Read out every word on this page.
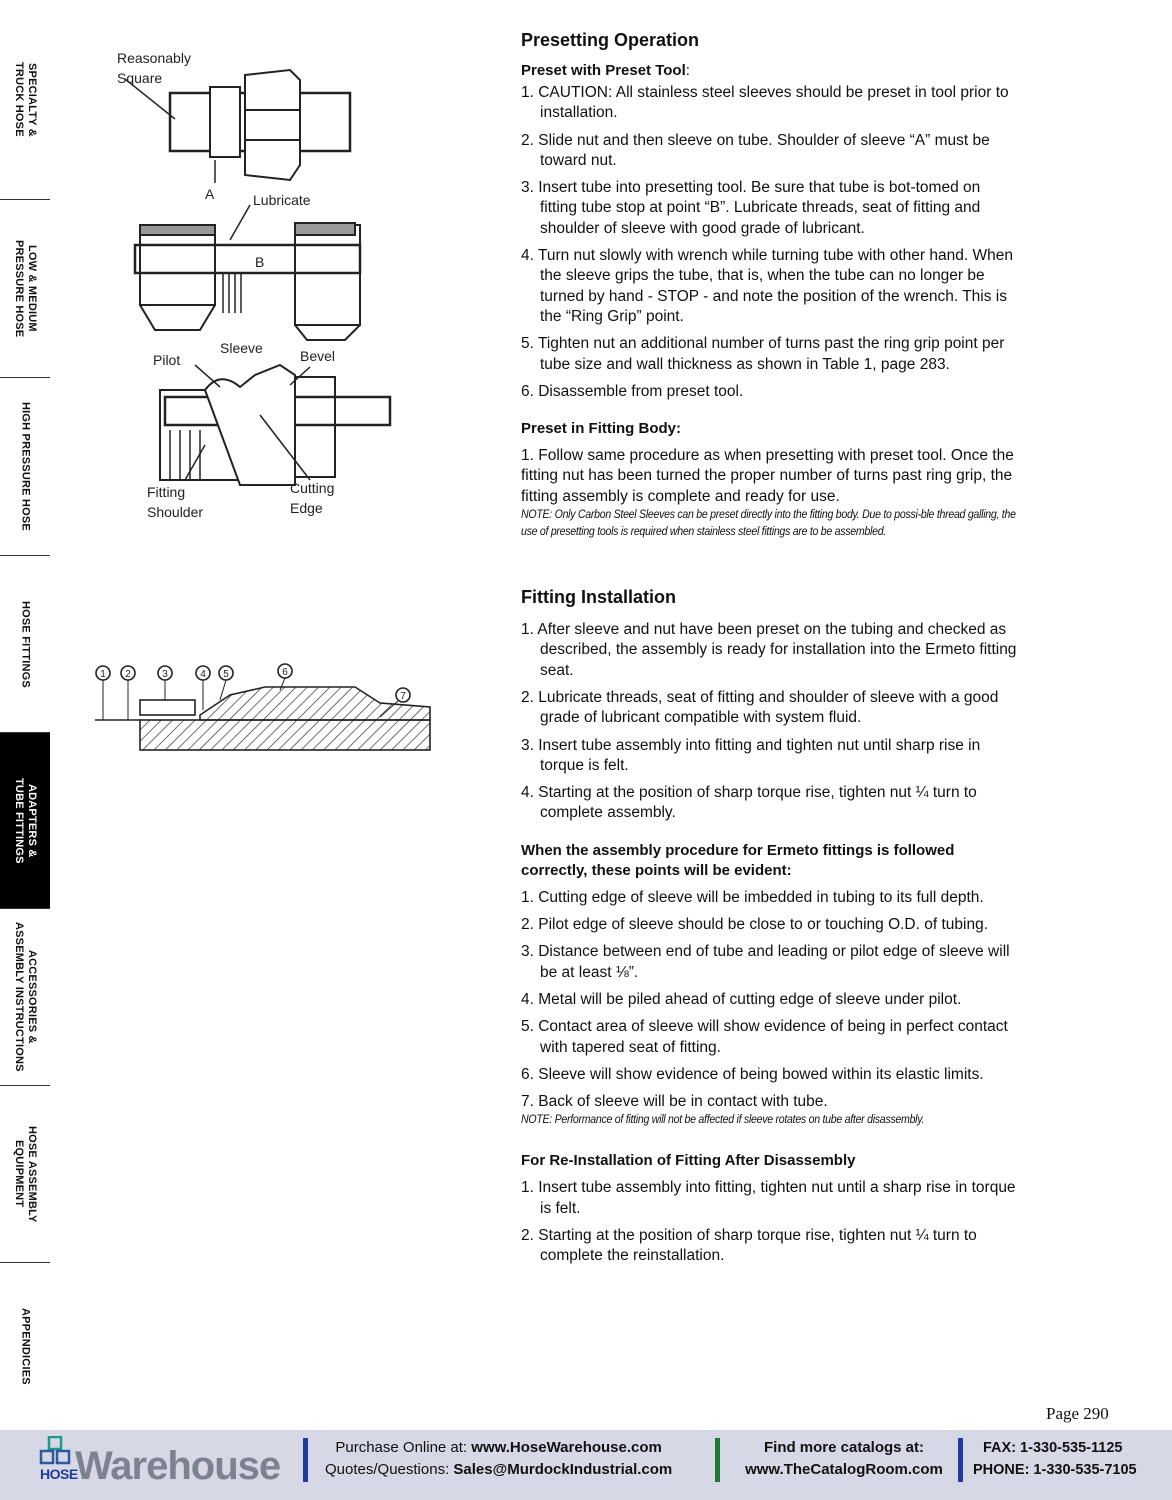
SPECIALTY &
TRUCK HOSE
LOW & MEDIUM
PRESSURE HOSE
HIGH PRESSURE HOSE
HOSE FITTINGS
ADAPTERS &
TUBE FITTINGS
ACCESSORIES &
ASSEMBLY INSTRUCTIONS
HOSE ASSEMBLY
EQUIPMENT
APPENDICIES
Reasonably Square
A	Lubricate
B
Pilot
Sleeve	Bevel
Fitting Shoulder
Cutting Edge
1 2	3	4 5	6
7
Presetting Operation
Preset with Preset Tool:
1. CAUTION: All stainless steel sleeves should be preset in tool prior to installation.
2. Slide nut and then sleeve on tube. Shoulder of sleeve “A” must be toward nut.
3. Insert tube into presetting tool. Be sure that tube is bot-tomed on fitting tube stop at point “B”. Lubricate threads, seat of fitting and shoulder of sleeve with good grade of lubricant.
4. Turn nut slowly with wrench while turning tube with other hand. When the sleeve grips the tube, that is, when the tube can no longer be turned by hand - STOP - and note the position of the wrench. This is the “Ring Grip” point.
5. Tighten nut an additional number of turns past the ring grip point per tube size and wall thickness as shown in Table 1, page 283.
6. Disassemble from preset tool.
Preset in Fitting Body:

1. Follow same procedure as when presetting with preset tool. Once the fitting nut has been turned the proper number of turns past ring grip, the fitting assembly is complete and ready for use.

NOTE: Only Carbon Steel Sleeves can be preset directly into the fitting body. Due to possi-ble thread galling, the use of presetting tools is required when stainless steel fittings are to be assembled.

Fitting Installation
1. After sleeve and nut have been preset on the tubing and checked as described, the assembly is ready for installation into the Ermeto fitting seat.
2. Lubricate threads, seat of fitting and shoulder of sleeve with a good grade of lubricant compatible with system fluid.
3. Insert tube assembly into fitting and tighten nut until sharp rise in torque is felt.
4. Starting at the position of sharp torque rise, tighten nut ¼ turn to complete assembly.
When the assembly procedure for Ermeto fittings is followed correctly, these points will be evident:
1. Cutting edge of sleeve will be imbedded in tubing to its full depth.
2. Pilot edge of sleeve should be close to or touching O.D. of tubing.
3. Distance between end of tube and leading or pilot edge of sleeve will be at least ⅛”.
4. Metal will be piled ahead of cutting edge of sleeve under pilot.
5. Contact area of sleeve will show evidence of being in perfect contact with tapered seat of fitting.
6. Sleeve will show evidence of being bowed within its elastic limits.
7. Back of sleeve will be in contact with tube.

NOTE: Performance of fitting will not be affected if sleeve rotates on tube after disassembly.

For Re-Installation of Fitting After Disassembly
1. Insert tube assembly into fitting, tighten nut until a sharp rise in torque is felt.
2. Starting at the position of sharp torque rise, tighten nut ¼ turn to complete the reinstallation.
Page 290
HOSE
Warehouse	Purchase Online at: www.HoseWarehouse.com
Quotes/Questions: Sales@MurdockIndustrial.com
Find more catalogs at:
www.TheCatalogRoom.com
FAX: 1-330-535-1125
PHONE: 1-330-535-7105
